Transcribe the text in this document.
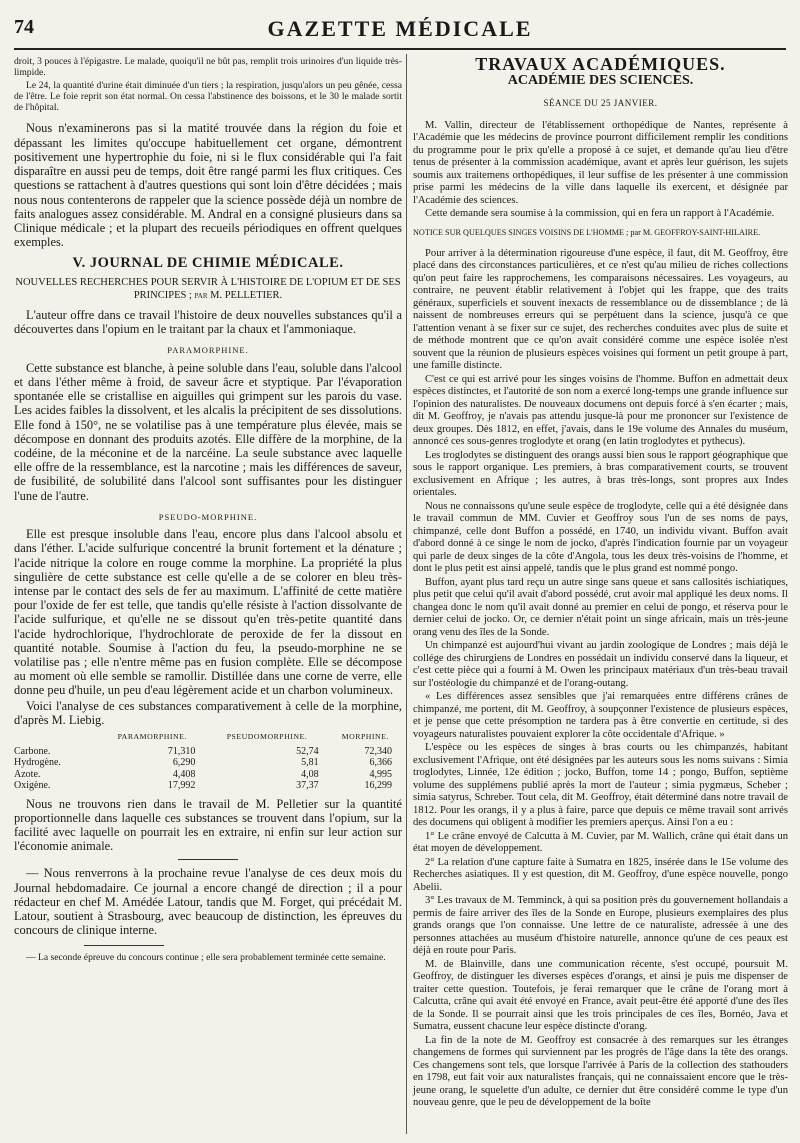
74	GAZETTE MÉDICALE

droit, 3 pouces à l'épigastre. Le malade, quoiqu'il ne bût pas, remplit trois urinoires d'un liquide très-limpide.

Le 24, la quantité d'urine était diminuée d'un tiers ; la respiration, jusqu'alors un peu gênée, cessa de l'être. Le foie reprit son état normal. On cessa l'abstinence des boissons, et le 30 le malade sortit de l'hôpital.

Nous n'examinerons pas si la matité trouvée dans la région du foie et dépassant les limites qu'occupe habituellement cet organe, démontrent positivement une hypertrophie du foie, ni si le flux considérable qui l'a fait disparaître en aussi peu de temps, doit être rangé parmi les flux critiques. Ces questions se rattachent à d'autres questions qui sont loin d'être décidées ; mais nous nous contenterons de rappeler que la science possède déjà un nombre de faits analogues assez considérable. M. Andral en a consigné plusieurs dans sa Clinique médicale ; et la plupart des recueils périodiques en offrent quelques exemples.

V. JOURNAL DE CHIMIE MÉDICALE.
NOUVELLES RECHERCHES POUR SERVIR À L'HISTOIRE DE L'OPIUM ET DE SES PRINCIPES ; par M. PELLETIER.

L'auteur offre dans ce travail l'histoire de deux nouvelles substances qu'il a découvertes dans l'opium en le traitant par la chaux et l'ammoniaque.

PARAMORPHINE.

Cette substance est blanche, à peine soluble dans l'eau, soluble dans l'alcool et dans l'éther même à froid, de saveur âcre et styptique. Par l'évaporation spontanée elle se cristallise en aiguilles qui grimpent sur les parois du vase. Les acides faibles la dissolvent, et les alcalis la précipitent de ses dissolutions. Elle fond à 150°, ne se volatilise pas à une température plus élevée, mais se décompose en donnant des produits azotés. Elle diffère de la morphine, de la codéine, de la méconine et de la narcéine. La seule substance avec laquelle elle offre de la ressemblance, est la narcotine ; mais les différences de saveur, de fusibilité, de solubilité dans l'alcool sont suffisantes pour les distinguer l'une de l'autre.

PSEUDO-MORPHINE.

Elle est presque insoluble dans l'eau, encore plus dans l'alcool absolu et dans l'éther. L'acide sulfurique concentré la brunit fortement et la dénature ; l'acide nitrique la colore en rouge comme la morphine. La propriété la plus singulière de cette substance est celle qu'elle a de se colorer en bleu très-intense par le contact des sels de fer au maximum. L'affinité de cette matière pour l'oxide de fer est telle, que tandis qu'elle résiste à l'action dissolvante de l'acide sulfurique, et qu'elle ne se dissout qu'en très-petite quantité dans l'acide hydrochlorique, l'hydrochlorate de peroxide de fer la dissout en quantité notable. Soumise à l'action du feu, la pseudo-morphine ne se volatilise pas ; elle n'entre même pas en fusion complète. Elle se décompose au moment où elle semble se ramollir. Distillée dans une corne de verre, elle donne peu d'huile, un peu d'eau légèrement acide et un charbon volumineux.

Voici l'analyse de ces substances comparativement à celle de la morphine, d'après M. Liebig.

	PARAMORPHINE.	PSEUDOMORPHINE.	MORPHINE.
Carbone.	71,310	52,74	72,340
Hydrogène.	6,290	5,81	6,366
Azote.	4,408	4,08	4,995
Oxigène.	17,992	37,37	16,299

Nous ne trouvons rien dans le travail de M. Pelletier sur la quantité proportionnelle dans laquelle ces substances se trouvent dans l'opium, sur la facilité avec laquelle on pourrait les en extraire, ni enfin sur leur action sur l'économie animale.

— Nous renverrons à la prochaine revue l'analyse de ces deux mois du Journal hebdomadaire. Ce journal a encore changé de direction ; il a pour rédacteur en chef M. Amédée Latour, tandis que M. Forget, qui précédait M. Latour, soutient à Strasbourg, avec beaucoup de distinction, les épreuves du concours de clinique interne.

— La seconde épreuve du concours continue ; elle sera probablement terminée cette semaine.

TRAVAUX ACADÉMIQUES.
ACADÉMIE DES SCIENCES.
SÉANCE DU 25 JANVIER.

M. Vallin, directeur de l'établissement orthopédique de Nantes, représente à l'Académie que les médecins de province pourront difficilement remplir les conditions du programme pour le prix qu'elle a proposé à ce sujet, et demande qu'au lieu d'être tenus de présenter à la commission académique, avant et après leur guérison, les sujets soumis aux traitemens orthopédiques, il leur suffise de les présenter à une commission prise parmi les médecins de la ville dans laquelle ils exercent, et désignée par l'Académie des sciences.

Cette demande sera soumise à la commission, qui en fera un rapport à l'Académie.

NOTICE SUR QUELQUES SINGES VOISINS DE L'HOMME ; par M. GEOFFROY-SAINT-HILAIRE.

Pour arriver à la détermination rigoureuse d'une espèce, il faut, dit M. Geoffroy, être placé dans des circonstances particulières, et ce n'est qu'au milieu de riches collections qu'on peut faire les rapprochemens, les comparaisons nécessaires. Les voyageurs, au contraire, ne peuvent établir relativement à l'objet qui les frappe, que des traits généraux, superficiels et souvent inexacts de ressemblance ou de dissemblance ; de là naissent de nombreuses erreurs qui se perpétuent dans la science, jusqu'à ce que l'attention venant à se fixer sur ce sujet, des recherches conduites avec plus de suite et de méthode montrent que ce qu'on avait considéré comme une espèce isolée n'est souvent que la réunion de plusieurs espèces voisines qui forment un petit groupe à part, une famille distincte.

C'est ce qui est arrivé pour les singes voisins de l'homme. Buffon en admettait deux espèces distinctes, et l'autorité de son nom a exercé long-temps une grande influence sur l'opinion des naturalistes. De nouveaux documens ont depuis forcé à s'en écarter ; mais, dit M. Geoffroy, je n'avais pas attendu jusque-là pour me prononcer sur l'existence de deux groupes. Dès 1812, en effet, j'avais, dans le 19e volume des Annales du muséum, annoncé ces sous-genres troglodyte et orang (en latin troglodytes et pythecus).

Les troglodytes se distinguent des orangs aussi bien sous le rapport géographique que sous le rapport organique. Les premiers, à bras comparativement courts, se trouvent exclusivement en Afrique ; les autres, à bras très-longs, sont propres aux Indes orientales.

Nous ne connaissons qu'une seule espèce de troglodyte, celle qui a été désignée dans le travail commun de MM. Cuvier et Geoffroy sous l'un de ses noms de pays, chimpanzé, celle dont Buffon a possédé, en 1740, un individu vivant. Buffon avait d'abord donné à ce singe le nom de jocko, d'après l'indication fournie par un voyageur qui parle de deux singes de la côte d'Angola, tous les deux très-voisins de l'homme, et dont le plus petit est ainsi appelé, tandis que le plus grand est nommé pongo.

Buffon, ayant plus tard reçu un autre singe sans queue et sans callosités ischiatiques, plus petit que celui qu'il avait d'abord possédé, crut avoir mal appliqué les deux noms. Il changea donc le nom qu'il avait donné au premier en celui de pongo, et réserva pour le dernier celui de jocko. Or, ce dernier n'était point un singe africain, mais un très-jeune orang venu des îles de la Sonde.

Un chimpanzé est aujourd'hui vivant au jardin zoologique de Londres ; mais déjà le collége des chirurgiens de Londres en possédait un individu conservé dans la liqueur, et c'est cette pièce qui a fourni à M. Owen les principaux matériaux d'un très-beau travail sur l'ostéologie du chimpanzé et de l'orang-outang.

« Les différences assez sensibles que j'ai remarquées entre différens crânes de chimpanzé, me portent, dit M. Geoffroy, à soupçonner l'existence de plusieurs espèces, et je pense que cette présomption ne tardera pas à être convertie en certitude, si des voyageurs naturalistes pouvaient explorer la côte occidentale d'Afrique. »

L'espèce ou les espèces de singes à bras courts ou les chimpanzés, habitant exclusivement l'Afrique, ont été désignées par les auteurs sous les noms suivans : Simia troglodytes, Linnée, 12e édition ; jocko, Buffon, tome 14 ; pongo, Buffon, septième volume des supplémens publié après la mort de l'auteur ; simia pygmæus, Scheber ; simia satyrus, Schreber. Tout cela, dit M. Geoffroy, était déterminé dans notre travail de 1812. Pour les orangs, il y a plus à faire, parce que depuis ce même travail sont arrivés des documens qui obligent à modifier les premiers aperçus. Ainsi l'on a eu :

1° Le crâne envoyé de Calcutta à M. Cuvier, par M. Wallich, crâne qui était dans un état moyen de développement.

2° La relation d'une capture faite à Sumatra en 1825, insérée dans le 15e volume des Recherches asiatiques. Il y est question, dit M. Geoffroy, d'une espèce nouvelle, pongo Abelii.

3° Les travaux de M. Temminck, à qui sa position près du gouvernement hollandais a permis de faire arriver des îles de la Sonde en Europe, plusieurs exemplaires des plus grands orangs que l'on connaisse. Une lettre de ce naturaliste, adressée à une des personnes attachées au muséum d'histoire naturelle, annonce qu'une de ces peaux est déjà en route pour Paris.

M. de Blainville, dans une communication récente, s'est occupé, poursuit M. Geoffroy, de distinguer les diverses espèces d'orangs, et ainsi je puis me dispenser de traiter cette question. Toutefois, je ferai remarquer que le crâne de l'orang mort à Calcutta, crâne qui avait été envoyé en France, avait peut-être été apporté d'une des îles de la Sonde. Il se pourrait ainsi que les trois principales de ces îles, Bornéo, Java et Sumatra, eussent chacune leur espèce distincte d'orang.

La fin de la note de M. Geoffroy est consacrée à des remarques sur les étranges changemens de formes qui surviennent par les progrès de l'âge dans la tête des orangs. Ces changemens sont tels, que lorsque l'arrivée à Paris de la collection des stathouders en 1798, eut fait voir aux naturalistes français, qui ne connaissaient encore que le très-jeune orang, le squelette d'un adulte, ce dernier dut être considéré comme le type d'un nouveau genre, que le peu de développement de la boîte
